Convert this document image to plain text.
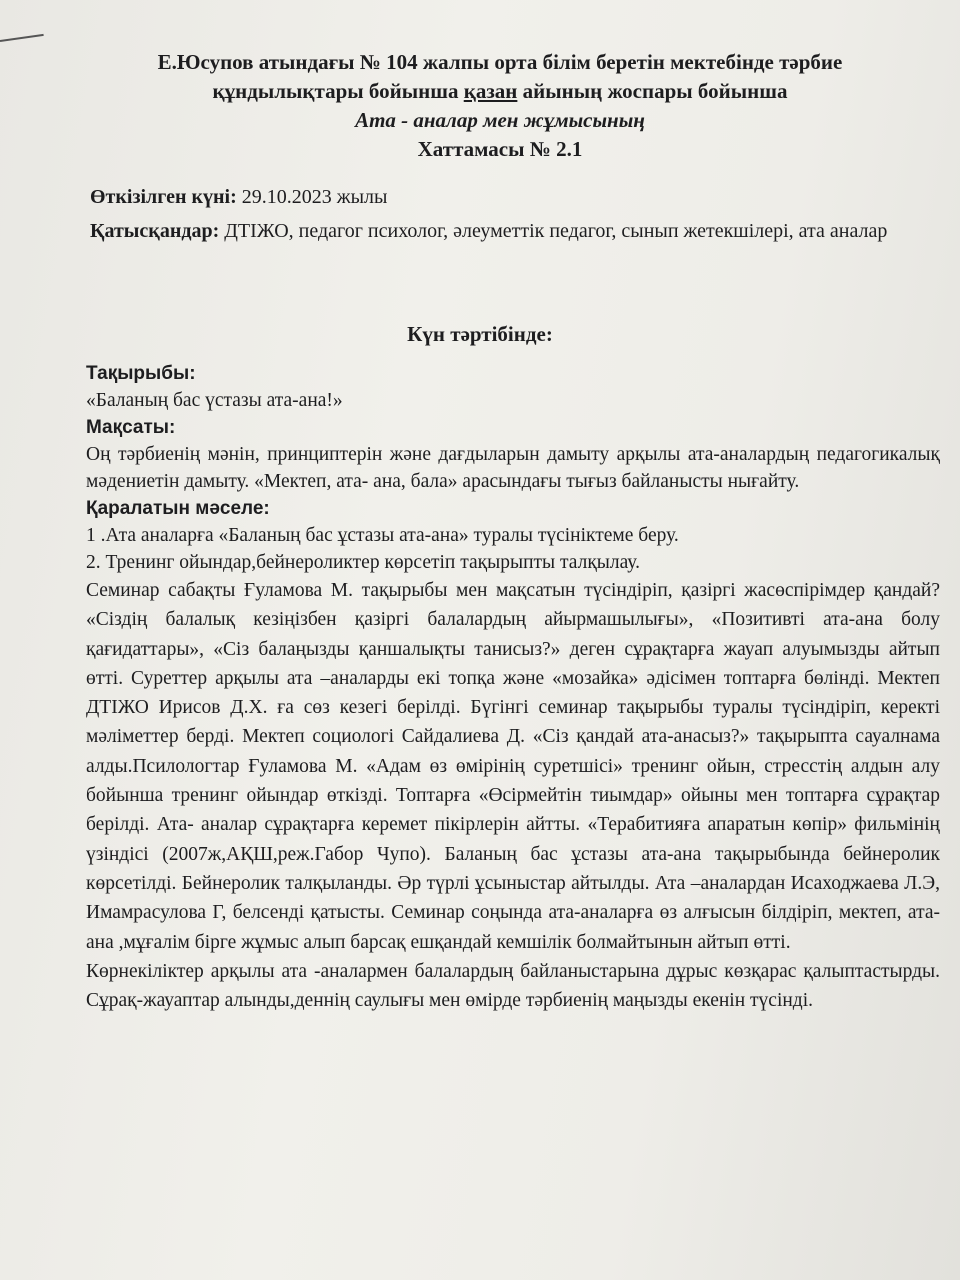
Е.Юсупов атындағы № 104 жалпы орта білім беретін мектебінде тәрбие
құндылықтары бойынша қазан айының жоспары бойынша
Ата - аналар мен жұмысының
Хаттамасы № 2.1
Өткізілген күні: 29.10.2023 жылы
Қатысқандар: ДТІЖО, педагог психолог, әлеуметтік педагог, сынып жетекшілері, ата аналар
Күн тәртібінде:
Тақырыбы:

«Баланың бас үстазы ата-ана!»

Мақсаты:

Оң тәрбиенің мәнін, принциптерін және дағдыларын дамыту арқылы ата-аналардың педагогикалық мәдениетін дамыту. «Мектеп, ата- ана, бала» арасындағы тығыз байланысты нығайту.

Қаралатын мәселе:

1 .Ата аналарға «Баланың бас ұстазы ата-ана» туралы түсініктеме беру.

2. Тренинг ойындар,бейнероликтер көрсетіп тақырыпты талқылау.

Семинар сабақты Ғуламова М. тақырыбы мен мақсатын түсіндіріп, қазіргі жасөспірімдер қандай? «Сіздің балалық кезіңізбен қазіргі балалардың айырмашылығы», «Позитивті ата-ана болу қағидаттары», «Сіз балаңызды қаншалықты танисыз?» деген сұрақтарға жауап алуымызды айтып өтті. Суреттер арқылы ата –аналарды екі топқа және «мозайка» әдісімен топтарға бөлінді. Мектеп ДТІЖО Ирисов Д.Х. ға сөз кезегі берілді. Бүгінгі семинар тақырыбы туралы түсіндіріп, керекті мәліметтер берді. Мектеп социологі Сайдалиева Д. «Сіз қандай ата-анасыз?» тақырыпта сауалнама алды.Псилологтар Ғуламова М. «Адам өз өмірінің суретшісі» тренинг ойын, стресстің алдын алу бойынша тренинг ойындар өткізді. Топтарға «Өсірмейтін тиымдар» ойыны мен топтарға сұрақтар берілді. Ата- аналар сұрақтарға керемет пікірлерін айтты. «Терабитияға апаратын көпір» фильмінің үзіндісі (2007ж,АҚШ,реж.Габор Чупо). Баланың бас ұстазы ата-ана тақырыбында бейнеролик көрсетілді. Бейнеролик талқыланды. Әр түрлі ұсыныстар айтылды. Ата –аналардан Исаходжаева Л.Э, Имамрасулова Г, белсенді қатысты. Семинар соңында ата-аналарға өз алғысын білдіріп, мектеп, ата-ана ,мұғалім бірге жұмыс алып барсақ ешқандай кемшілік болмайтынын айтып өтті.

Көрнекіліктер арқылы ата -аналармен балалардың байланыстарына дұрыс көзқарас қалыптастырды. Сұрақ-жауаптар алынды,деннің саулығы мен өмірде тәрбиенің маңызды екенін түсінді.
